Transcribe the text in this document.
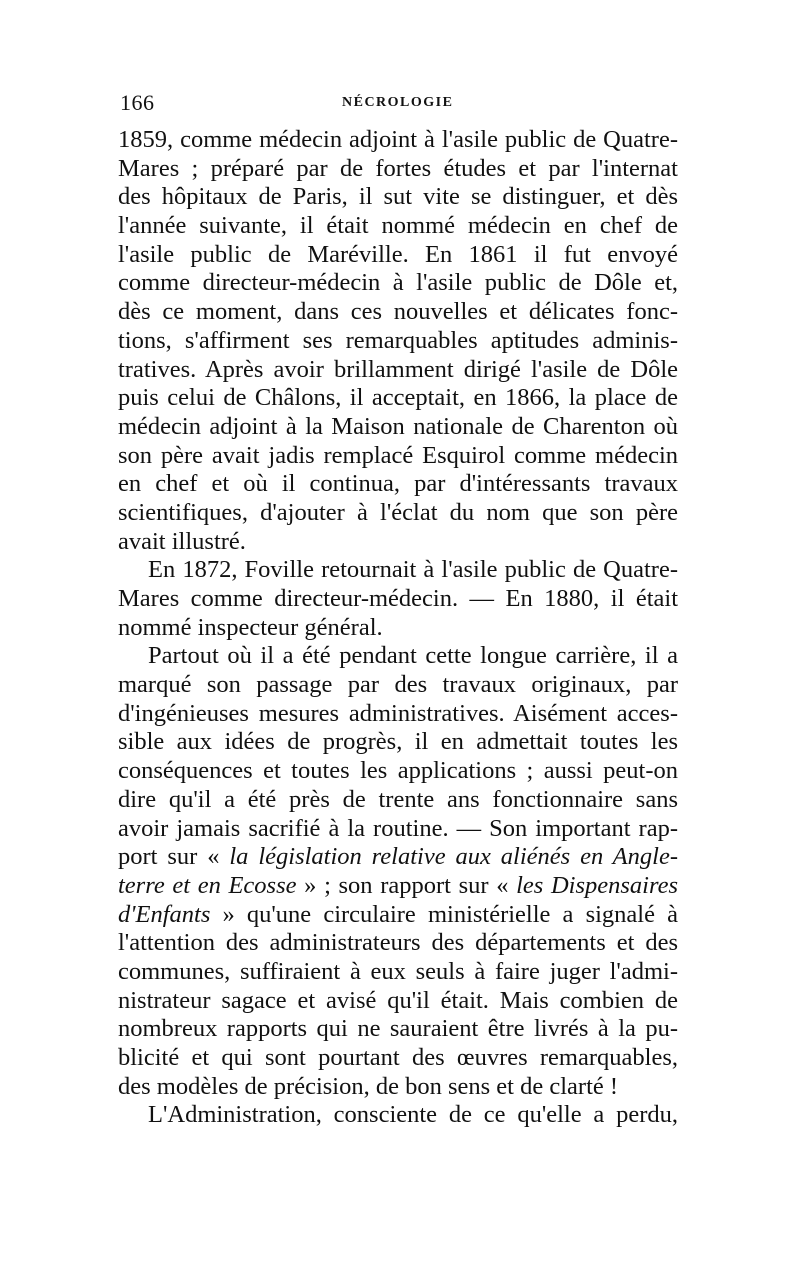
166	NÉCROLOGIE
1859, comme médecin adjoint à l'asile public de Quatre-
Mares ; préparé par de fortes études et par l'internat
des hôpitaux de Paris, il sut vite se distinguer, et dès
l'année suivante, il était nommé médecin en chef de
l'asile public de Maréville. En 1861 il fut envoyé
comme directeur-médecin à l'asile public de Dôle et,
dès ce moment, dans ces nouvelles et délicates fonc-
tions, s'affirment ses remarquables aptitudes adminis-
tratives. Après avoir brillamment dirigé l'asile de Dôle
puis celui de Châlons, il acceptait, en 1866, la place de
médecin adjoint à la Maison nationale de Charenton où
son père avait jadis remplacé Esquirol comme médecin
en chef et où il continua, par d'intéressants travaux
scientifiques, d'ajouter à l'éclat du nom que son père
avait illustré.
En 1872, Foville retournait à l'asile public de Quatre-
Mares comme directeur-médecin. — En 1880, il était
nommé inspecteur général.
Partout où il a été pendant cette longue carrière, il a
marqué son passage par des travaux originaux, par
d'ingénieuses mesures administratives. Aisément acces-
sible aux idées de progrès, il en admettait toutes les
conséquences et toutes les applications ; aussi peut-on
dire qu'il a été près de trente ans fonctionnaire sans
avoir jamais sacrifié à la routine. — Son important rap-
port sur « la législation relative aux aliénés en Angle-
terre et en Ecosse » ; son rapport sur « les Dispensaires
d'Enfants » qu'une circulaire ministérielle a signalé à
l'attention des administrateurs des départements et des
communes, suffiraient à eux seuls à faire juger l'admi-
nistrateur sagace et avisé qu'il était. Mais combien de
nombreux rapports qui ne sauraient être livrés à la pu-
blicité et qui sont pourtant des œuvres remarquables,
des modèles de précision, de bon sens et de clarté !
L'Administration, consciente de ce qu'elle a perdu,
